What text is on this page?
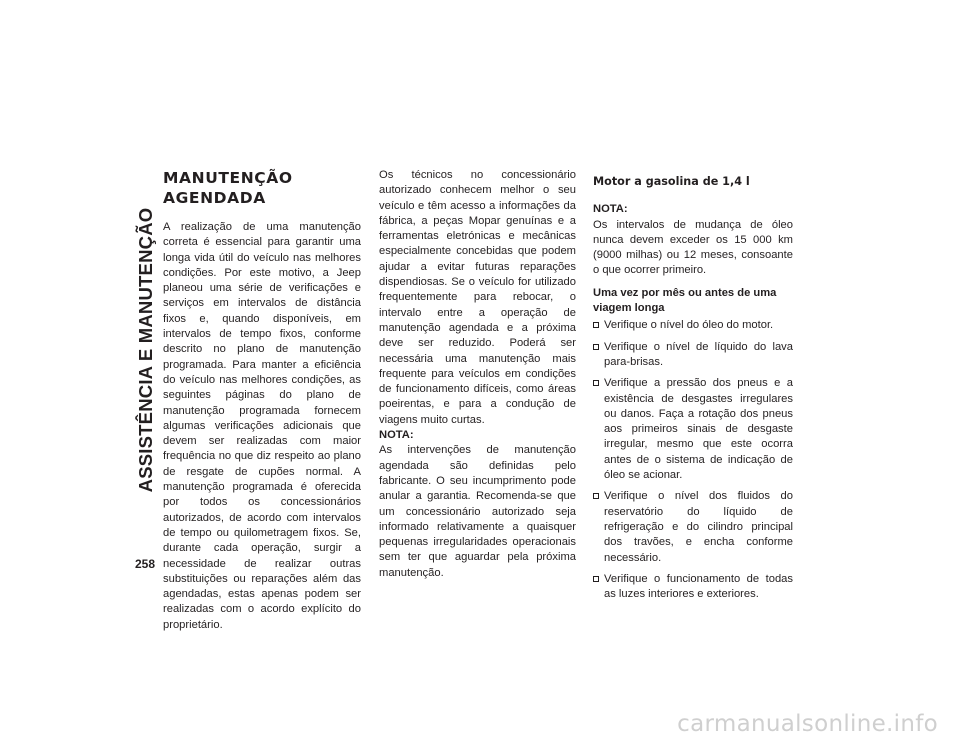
ASSISTÊNCIA E MANUTENÇÃO
258
MANUTENÇÃO AGENDADA

A realização de uma manutenção correta é essencial para garantir uma longa vida útil do veículo nas melhores condições. Por este motivo, a Jeep planeou uma série de verificações e serviços em intervalos de distância fixos e, quando disponíveis, em intervalos de tempo fixos, conforme descrito no plano de manutenção programada. Para manter a eficiência do veículo nas melhores condições, as seguintes páginas do plano de manutenção programada fornecem algumas verificações adicionais que devem ser realizadas com maior frequência no que diz respeito ao plano de resgate de cupões normal. A manutenção programada é oferecida por todos os concessionários autorizados, de acordo com intervalos de tempo ou quilometragem fixos. Se, durante cada operação, surgir a necessidade de realizar outras substituições ou reparações além das agendadas, estas apenas podem ser realizadas com o acordo explícito do proprietário.

Os técnicos no concessionário autorizado conhecem melhor o seu veículo e têm acesso a informações da fábrica, a peças Mopar genuínas e a ferramentas eletrónicas e mecânicas especialmente concebidas que podem ajudar a evitar futuras reparações dispendiosas. Se o veículo for utilizado frequentemente para rebocar, o intervalo entre a operação de manutenção agendada e a próxima deve ser reduzido. Poderá ser necessária uma manutenção mais frequente para veículos em condições de funcionamento difíceis, como áreas poeirentas, e para a condução de viagens muito curtas.

NOTA:

As intervenções de manutenção agendada são definidas pelo fabricante. O seu incumprimento pode anular a garantia. Recomenda-se que um concessionário autorizado seja informado relativamente a quaisquer pequenas irregularidades operacionais sem ter que aguardar pela próxima manutenção.

Motor a gasolina de 1,4 l

NOTA:

Os intervalos de mudança de óleo nunca devem exceder os 15 000 km (9000 milhas) ou 12 meses, consoante o que ocorrer primeiro.

Uma vez por mês ou antes de uma viagem longa
Verifique o nível do óleo do motor.
Verifique o nível de líquido do lava para-brisas.
Verifique a pressão dos pneus e a existência de desgastes irregulares ou danos. Faça a rotação dos pneus aos primeiros sinais de desgaste irregular, mesmo que este ocorra antes de o sistema de indicação de óleo se acionar.
Verifique o nível dos fluidos do reservatório do líquido de refrigeração e do cilindro principal dos travões, e encha conforme necessário.
Verifique o funcionamento de todas as luzes interiores e exteriores.
carmanualsonline.info
